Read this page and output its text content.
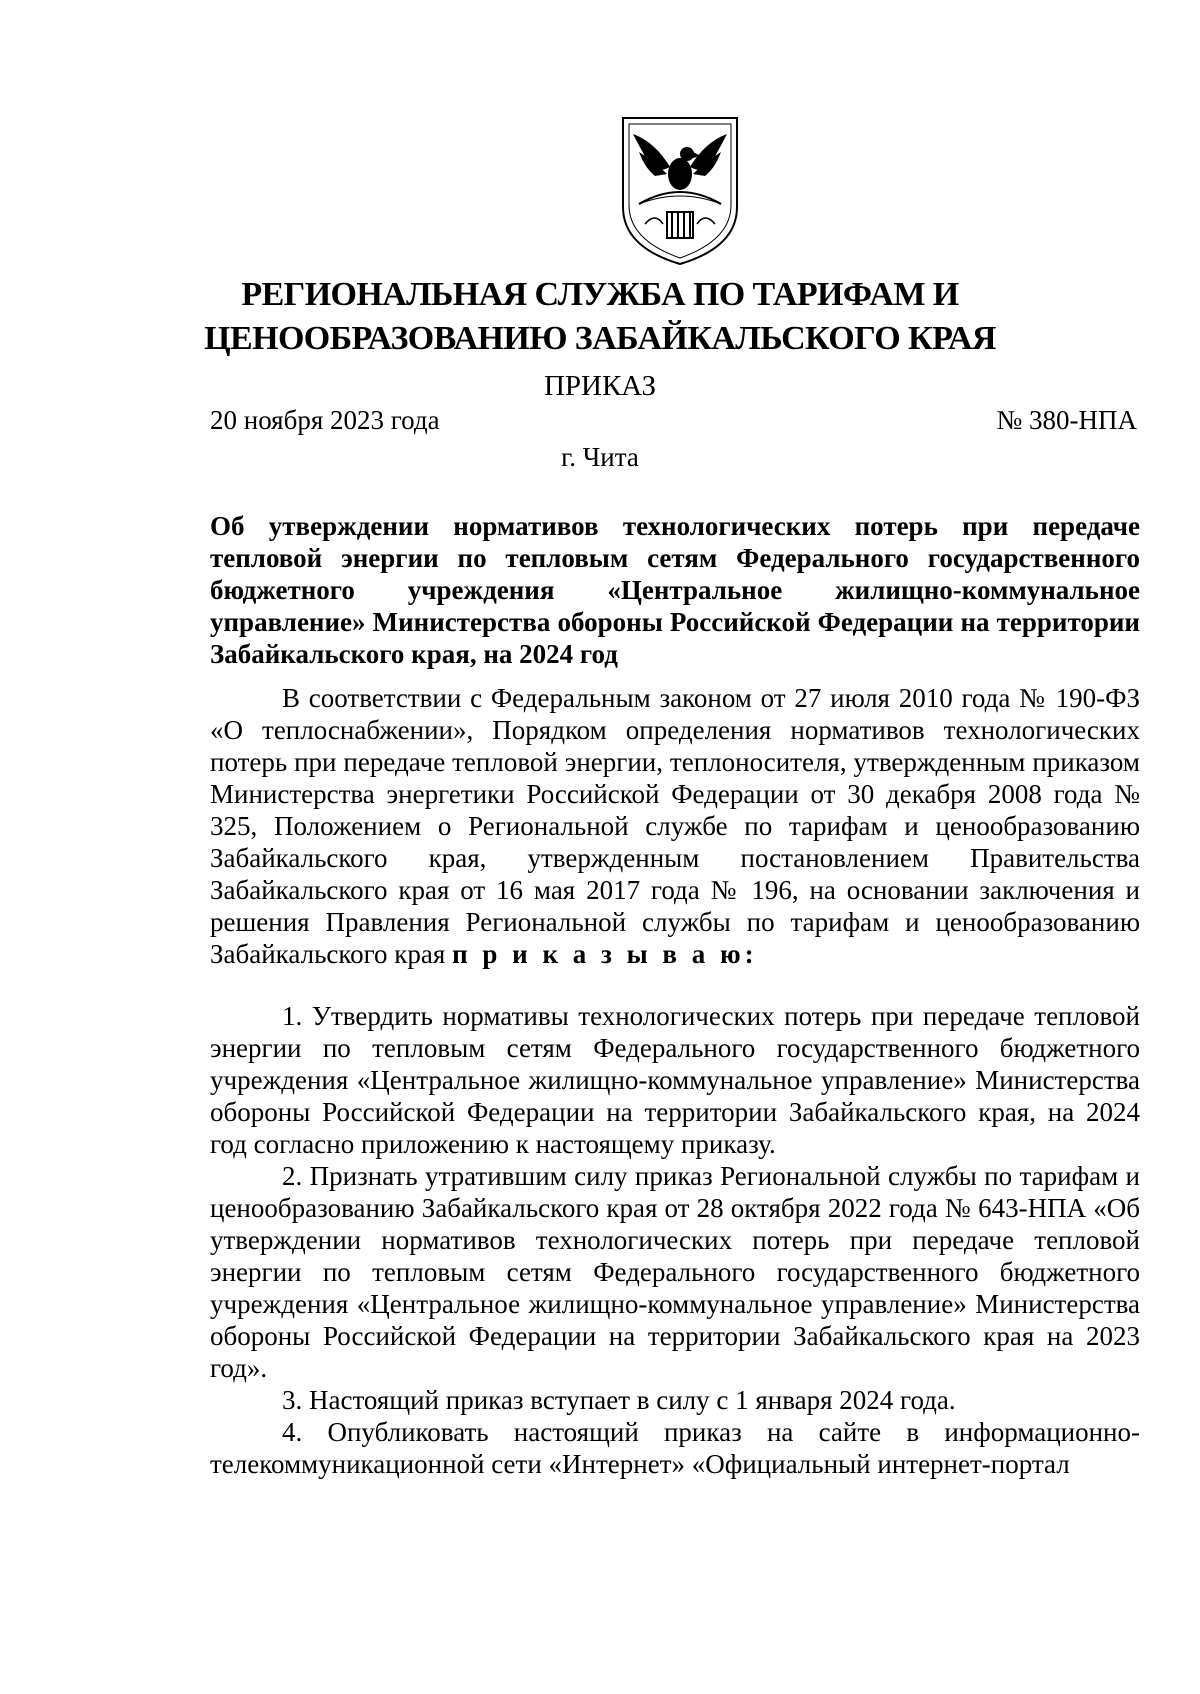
РЕГИОНАЛЬНАЯ СЛУЖБА ПО ТАРИФАМ И
ЦЕНООБРАЗОВАНИЮ ЗАБАЙКАЛЬСКОГО КРАЯ
ПРИКАЗ
20 ноября 2023 года	№ 380-НПА
г. Чита
Об утверждении нормативов технологических потерь при передаче тепловой энергии по тепловым сетям Федерального государственного бюджетного учреждения «Центральное жилищно-коммунальное управление» Министерства обороны Российской Федерации на территории Забайкальского края, на 2024 год

В соответствии с Федеральным законом от 27 июля 2010 года № 190-ФЗ «О теплоснабжении», Порядком определения нормативов технологических потерь при передаче тепловой энергии, теплоносителя, утвержденным приказом Министерства энергетики Российской Федерации от 30 декабря 2008 года № 325, Положением о Региональной службе по тарифам и ценообразованию Забайкальского края, утвержденным постановлением Правительства Забайкальского края от 16 мая 2017 года № 196, на основании заключения и решения Правления Региональной службы по тарифам и ценообразованию Забайкальского края п р и к а з ы в а ю:

1. Утвердить нормативы технологических потерь при передаче тепловой энергии по тепловым сетям Федерального государственного бюджетного учреждения «Центральное жилищно-коммунальное управление» Министерства обороны Российской Федерации на территории Забайкальского края, на 2024 год согласно приложению к настоящему приказу.

2. Признать утратившим силу приказ Региональной службы по тарифам и ценообразованию Забайкальского края от 28 октября 2022 года № 643-НПА «Об утверждении нормативов технологических потерь при передаче тепловой энергии по тепловым сетям Федерального государственного бюджетного учреждения «Центральное жилищно-коммунальное управление» Министерства обороны Российской Федерации на территории Забайкальского края на 2023 год».

3. Настоящий приказ вступает в силу с 1 января 2024 года.

4. Опубликовать настоящий приказ на сайте в информационно-телекоммуникационной сети «Интернет» «Официальный интернет-портал
